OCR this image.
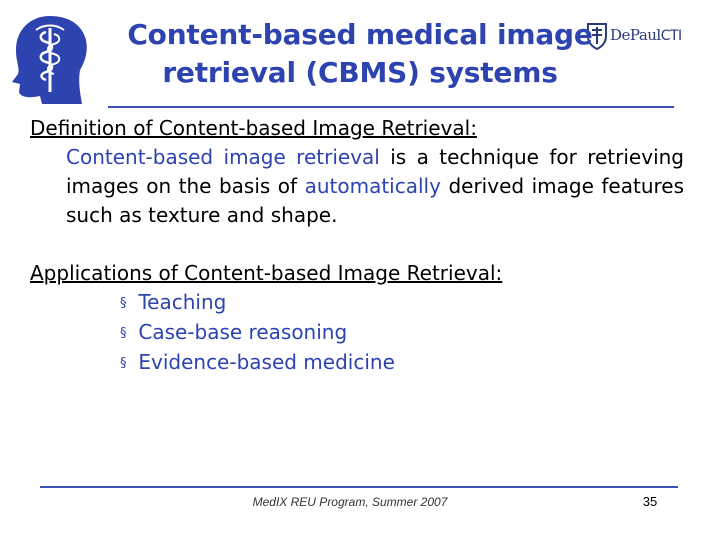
DePaulCTI
Content-based medical image
retrieval (CBMS) systems
Definition of Content-based Image Retrieval:
Content-based image retrieval is a technique for retrieving images on the basis of automatically derived image features such as texture and shape.
Applications of Content-based Image Retrieval:
§ Teaching
§ Case-base reasoning
§ Evidence-based medicine
MedIX REU Program, Summer 2007	35
